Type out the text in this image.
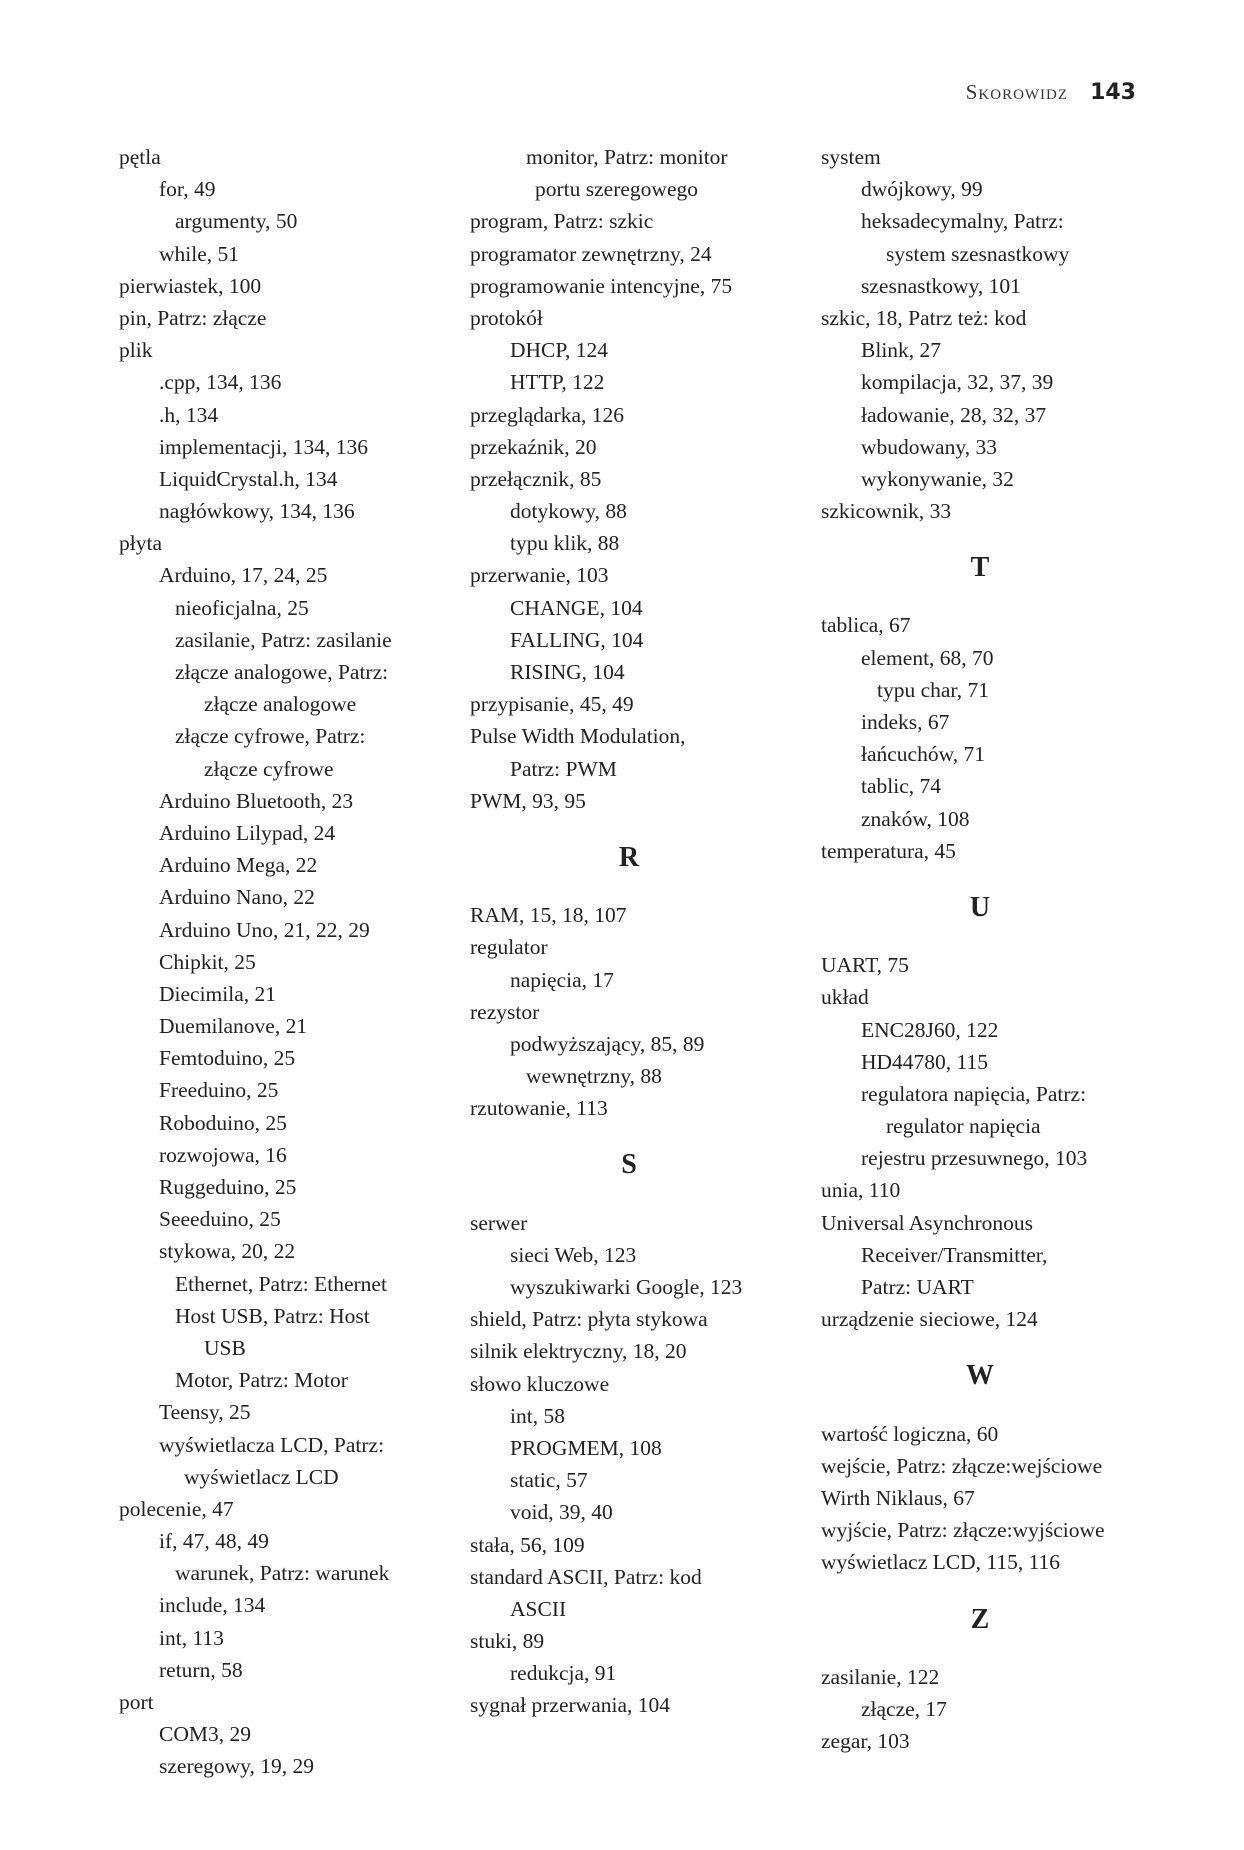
Skorowidz 143
pętla
for, 49
argumenty, 50
while, 51
pierwiastek, 100
pin, Patrz: złącze
plik
.cpp, 134, 136
.h, 134
implementacji, 134, 136
LiquidCrystal.h, 134
nagłówkowy, 134, 136
płyta
Arduino, 17, 24, 25
nieoficjalna, 25
zasilanie, Patrz: zasilanie
złącze analogowe, Patrz:
złącze analogowe
złącze cyfrowe, Patrz:
złącze cyfrowe
Arduino Bluetooth, 23
Arduino Lilypad, 24
Arduino Mega, 22
Arduino Nano, 22
Arduino Uno, 21, 22, 29
Chipkit, 25
Diecimila, 21
Duemilanove, 21
Femtoduino, 25
Freeduino, 25
Roboduino, 25
rozwojowa, 16
Ruggeduino, 25
Seeeduino, 25
stykowa, 20, 22
Ethernet, Patrz: Ethernet
Host USB, Patrz: Host
USB
Motor, Patrz: Motor
Teensy, 25
wyświetlacza LCD, Patrz:
wyświetlacz LCD
polecenie, 47
if, 47, 48, 49
warunek, Patrz: warunek
include, 134
int, 113
return, 58
port
COM3, 29
szeregowy, 19, 29
monitor, Patrz: monitor
portu szeregowego
program, Patrz: szkic
programator zewnętrzny, 24
programowanie intencyjne, 75
protokół
DHCP, 124
HTTP, 122
przeglądarka, 126
przekaźnik, 20
przełącznik, 85
dotykowy, 88
typu klik, 88
przerwanie, 103
CHANGE, 104
FALLING, 104
RISING, 104
przypisanie, 45, 49
Pulse Width Modulation,
Patrz: PWM
PWM, 93, 95
R
RAM, 15, 18, 107
regulator
napięcia, 17
rezystor
podwyższający, 85, 89
wewnętrzny, 88
rzutowanie, 113
S
serwer
sieci Web, 123
wyszukiwarki Google, 123
shield, Patrz: płyta stykowa
silnik elektryczny, 18, 20
słowo kluczowe
int, 58
PROGMEM, 108
static, 57
void, 39, 40
stała, 56, 109
standard ASCII, Patrz: kod
ASCII
stuki, 89
redukcja, 91
sygnał przerwania, 104
system
dwójkowy, 99
heksadecymalny, Patrz:
system szesnastkowy
szesnastkowy, 101
szkic, 18, Patrz też: kod
Blink, 27
kompilacja, 32, 37, 39
ładowanie, 28, 32, 37
wbudowany, 33
wykonywanie, 32
szkicownik, 33
T
tablica, 67
element, 68, 70
typu char, 71
indeks, 67
łańcuchów, 71
tablic, 74
znaków, 108
temperatura, 45
U
UART, 75
układ
ENC28J60, 122
HD44780, 115
regulatora napięcia, Patrz:
regulator napięcia
rejestru przesuwnego, 103
unia, 110
Universal Asynchronous
Receiver/Transmitter,
Patrz: UART
urządzenie sieciowe, 124
W
wartość logiczna, 60
wejście, Patrz: złącze:wejściowe
Wirth Niklaus, 67
wyjście, Patrz: złącze:wyjściowe
wyświetlacz LCD, 115, 116
Z
zasilanie, 122
złącze, 17
zegar, 103
